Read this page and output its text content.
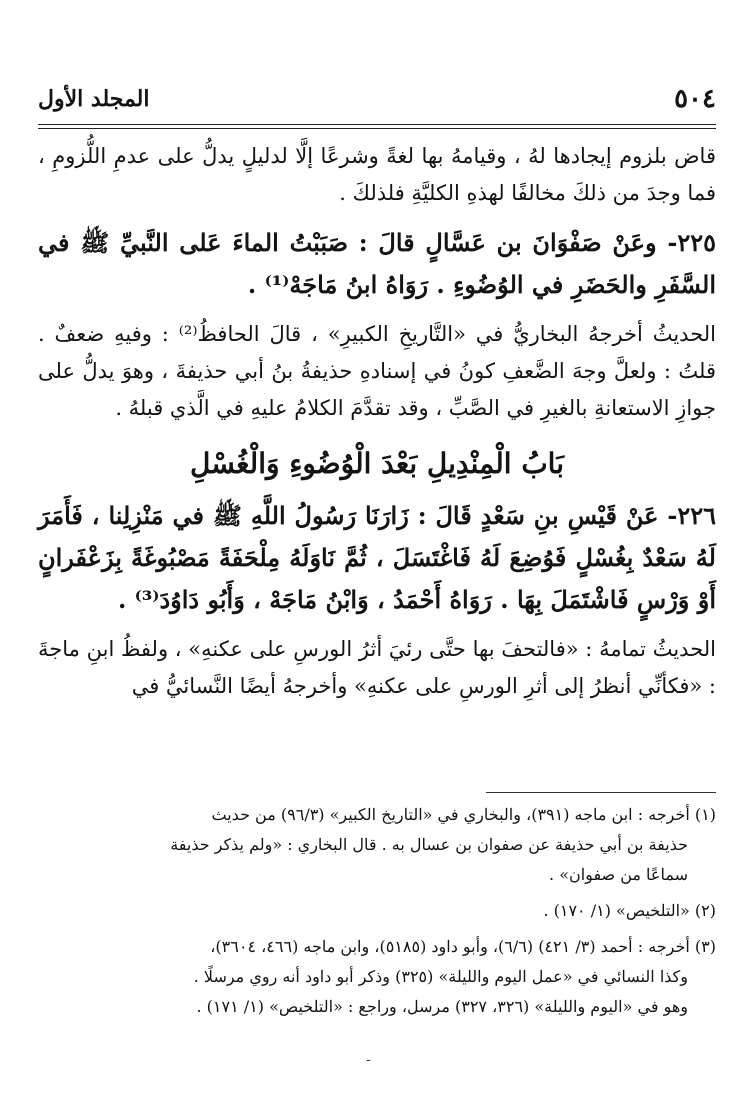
٥٠٤
المجلد الأول

قاض بلزوم إيجادها لهُ ، وقيامهُ بها لغةً وشرعًا إلَّا لدليلٍ يدلُّ على عدمِ اللُّزومِ ، فما وجدَ من ذلكَ مخالفًا لهذهِ الكليَّةِ فلذلكَ .

٢٢٥- وعَنْ صَفْوَانَ بن عَسَّالٍ قالَ : صَبَبْتُ الماءَ عَلى النَّبيِّ ﷺ في السَّفَرِ والحَضَرِ في الوُضُوءِ . رَوَاهُ ابنُ مَاجَهْ⁽¹⁾ .

الحديثُ أخرجهُ البخاريُّ في «التَّاريخِ الكبيرِ» ، قالَ الحافظُ⁽²⁾ : وفيهِ ضعفٌ . قلتُ : ولعلَّ وجهَ الضَّعفِ كونُ في إسنادهِ حذيفةُ بنُ أبي حذيفةَ ، وهوَ يدلُّ على جوازِ الاستعانةِ بالغيرِ في الصَّبِّ ، وقد تقدَّمَ الكلامُ عليهِ في الَّذي قبلهُ .

بَابُ الْمِنْدِيلِ بَعْدَ الْوُضُوءِ وَالْغُسْلِ

٢٢٦- عَنْ قَيْسِ بنِ سَعْدٍ قَالَ : زَارَنَا رَسُولُ اللَّهِ ﷺ في مَنْزِلِنا ، فَأَمَرَ لَهُ سَعْدٌ بِغُسْلٍ فَوُضِعَ لَهُ فَاغْتَسَلَ ، ثُمَّ نَاوَلَهُ مِلْحَفَةً مَصْبُوغَةً بِزَعْفَرانٍ أَوْ وَرْسٍ فَاشْتَمَلَ بِهَا . رَوَاهُ أَحْمَدُ ، وَابْنُ مَاجَهْ ، وَأَبُو دَاوُدَ⁽³⁾ .

الحديثُ تمامهُ : «فالتحفَ بها حتَّى رئيَ أثرُ الورسِ على عكنهِ» ، ولفظُ ابنِ ماجةَ : «فكأنِّي أنظرُ إلى أثرِ الورسِ على عكنهِ» وأخرجهُ أيضًا النَّسائيُّ في

(١) أخرجه : ابن ماجه (٣٩١)، والبخاري في «التاريخ الكبير» (٩٦/٣) من حديث
حذيفة بن أبي حذيفة عن صفوان بن عسال به . قال البخاري : «ولم يذكر حذيفة
سماعًا من صفوان» .
(٢) «التلخيص» (١/ ١٧٠) .
(٣) أخرجه : أحمد (٣/ ٤٢١) (٦/٦)، وأبو داود (٥١٨٥)، وابن ماجه (٤٦٦، ٣٦٠٤)،
وكذا النسائي في «عمل اليوم والليلة» (٣٢٥) وذكر أبو داود أنه روي مرسلًا .
وهو في «اليوم والليلة» (٣٢٦، ٣٢٧) مرسل، وراجع : «التلخيص» (١/ ١٧١) .
-
